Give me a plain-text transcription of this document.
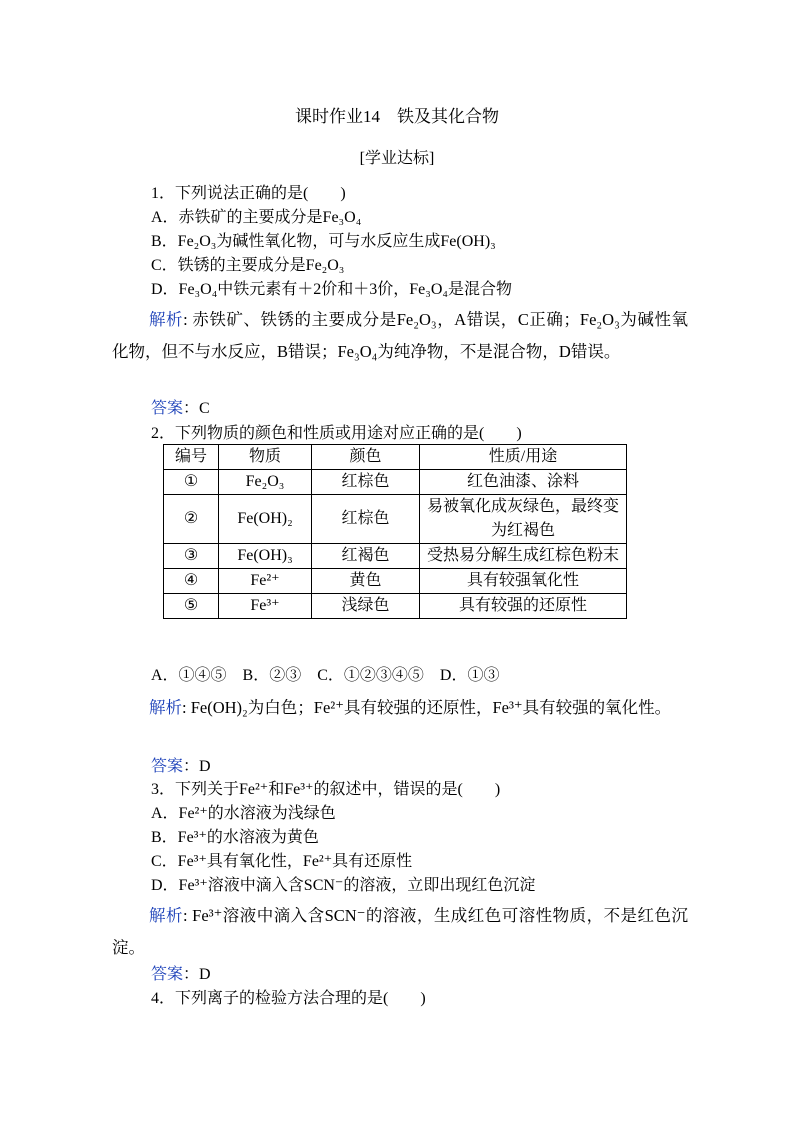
课时作业14　铁及其化合物
[学业达标]
1．下列说法正确的是(　　)
A．赤铁矿的主要成分是Fe₃O₄
B．Fe₂O₃为碱性氧化物，可与水反应生成Fe(OH)₃
C．铁锈的主要成分是Fe₂O₃
D．Fe₃O₄中铁元素有＋2价和＋3价，Fe₃O₄是混合物
解析: 赤铁矿、铁锈的主要成分是Fe₂O₃，A错误，C正确；Fe₂O₃为碱性氧化物，但不与水反应，B错误；Fe₃O₄为纯净物，不是混合物，D错误。
答案：C
2．下列物质的颜色和性质或用途对应正确的是(　　)
编号	物质	颜色	性质/用途
①	Fe₂O₃	红棕色	红色油漆、涂料
②	Fe(OH)₂	红棕色	易被氧化成灰绿色，最终变为红褐色
③	Fe(OH)₃	红褐色	受热易分解生成红棕色粉末
④	Fe²⁺	黄色	具有较强氧化性
⑤	Fe³⁺	浅绿色	具有较强的还原性
A．①④⑤　B．②③　C．①②③④⑤　D．①③
解析: Fe(OH)₂为白色；Fe²⁺具有较强的还原性，Fe³⁺具有较强的氧化性。
答案：D
3．下列关于Fe²⁺和Fe³⁺的叙述中，错误的是(　　)
A．Fe²⁺的水溶液为浅绿色
B．Fe³⁺的水溶液为黄色
C．Fe³⁺具有氧化性，Fe²⁺具有还原性
D．Fe³⁺溶液中滴入含SCN⁻的溶液，立即出现红色沉淀
解析: Fe³⁺溶液中滴入含SCN⁻的溶液，生成红色可溶性物质，不是红色沉淀。
答案：D
4．下列离子的检验方法合理的是(　　)
